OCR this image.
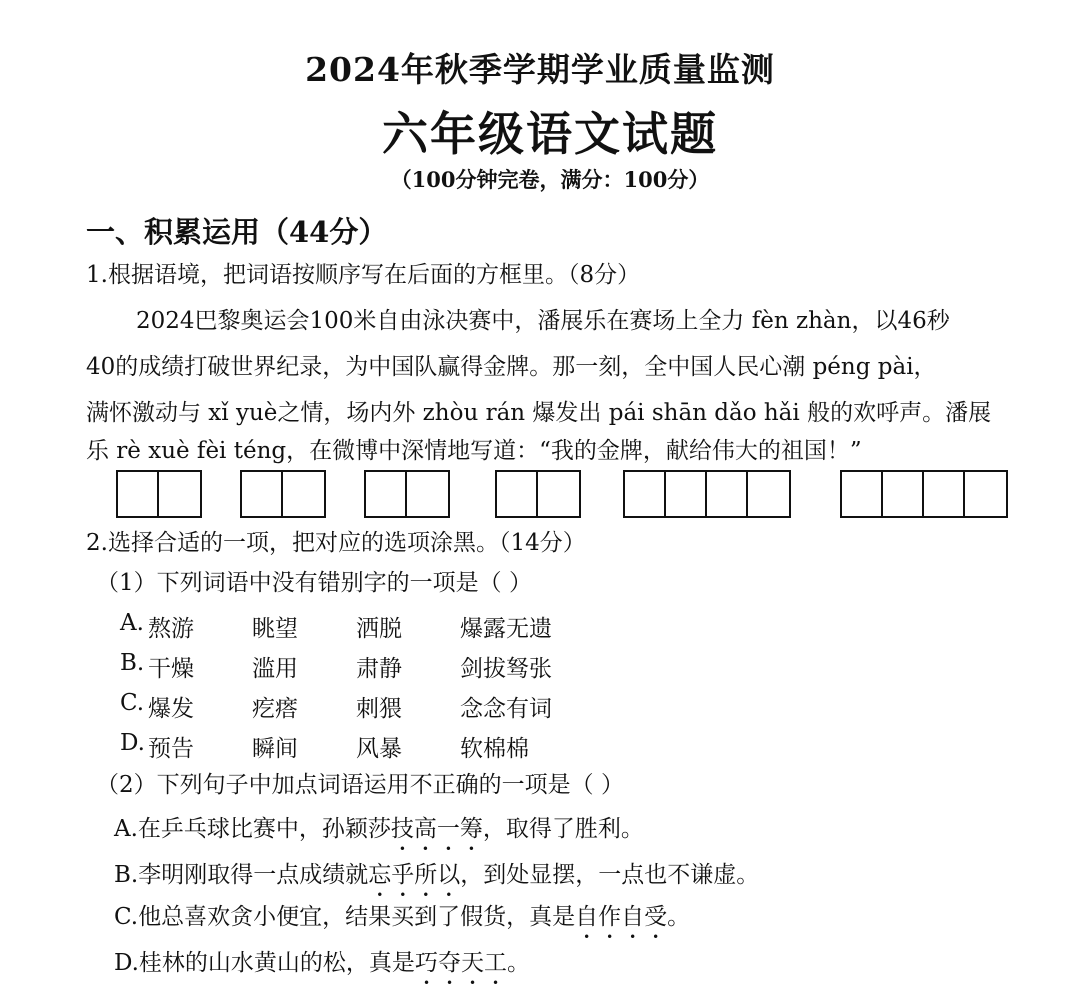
2024年秋季学期学业质量监测
六年级语文试题
（100分钟完卷，满分：100分）
一、积累运用（44分）
1.根据语境，把词语按顺序写在后面的方框里。（8分）
2024巴黎奥运会100米自由泳决赛中，潘展乐在赛场上全力 fèn zhàn，以46秒
40的成绩打破世界纪录，为中国队赢得金牌。那一刻，全中国人民心潮 péng pài，
满怀激动与 xǐ yuè之情，场内外 zhòu rán 爆发出 pái shān dǎo hǎi 般的欢呼声。潘展
乐 rè xuè fèi téng，在微博中深情地写道：“我的金牌，献给伟大的祖国！”
2.选择合适的一项，把对应的选项涂黑。（14分）
（1）下列词语中没有错别字的一项是（ ）
A. 熬游	眺望	洒脱	爆露无遗
B. 干燥	滥用	肃静	剑拔驽张
C. 爆发	疙瘩	刺猥	念念有词
D. 预告	瞬间	风暴	软棉棉
（2）下列句子中加点词语运用不正确的一项是（ ）
A.在乒乓球比赛中，孙颖莎技高一筹，取得了胜利。
B.李明刚取得一点成绩就忘乎所以，到处显摆，一点也不谦虚。
C.他总喜欢贪小便宜，结果买到了假货，真是自作自受。
D.桂林的山水黄山的松，真是巧夺天工。
